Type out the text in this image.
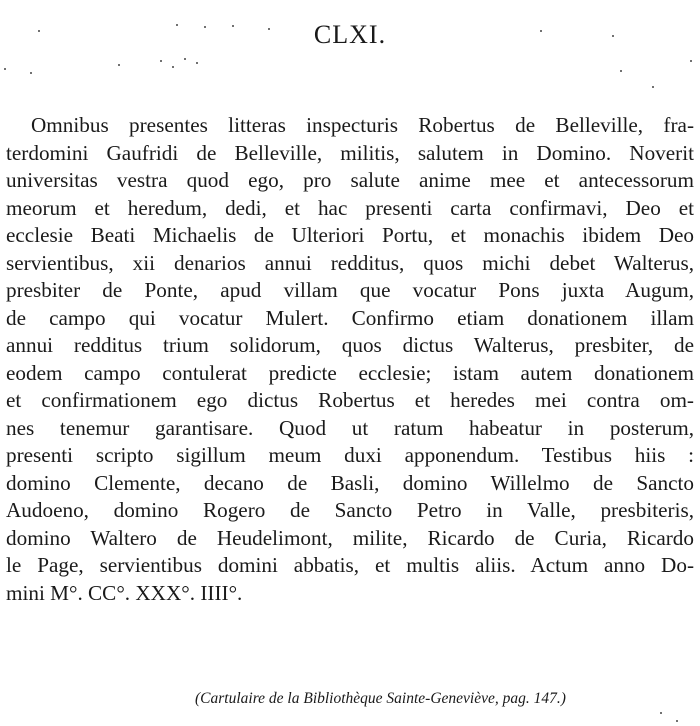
CLXI.
Omnibus presentes litteras inspecturis Robertus de Belleville, fra-
terdomini Gaufridi de Belleville, militis, salutem in Domino. Noverit
universitas vestra quod ego, pro salute anime mee et antecessorum
meorum et heredum, dedi, et hac presenti carta confirmavi, Deo et
ecclesie Beati Michaelis de Ulteriori Portu, et monachis ibidem Deo
servientibus, xii denarios annui redditus, quos michi debet Walterus,
presbiter de Ponte, apud villam que vocatur Pons juxta Augum,
de campo qui vocatur Mulert. Confirmo etiam donationem illam
annui redditus trium solidorum, quos dictus Walterus, presbiter, de
eodem campo contulerat predicte ecclesie; istam autem donationem
et confirmationem ego dictus Robertus et heredes mei contra om-
nes tenemur garantisare. Quod ut ratum habeatur in posterum,
presenti scripto sigillum meum duxi apponendum. Testibus hiis :
domino Clemente, decano de Basli, domino Willelmo de Sancto
Audoeno, domino Rogero de Sancto Petro in Valle, presbiteris,
domino Waltero de Heudelimont, milite, Ricardo de Curia, Ricardo
le Page, servientibus domini abbatis, et multis aliis. Actum anno Do-
mini M°. CC°. XXX°. IIII°.
(Cartulaire de la Bibliothèque Sainte-Geneviève, pag. 147.)
